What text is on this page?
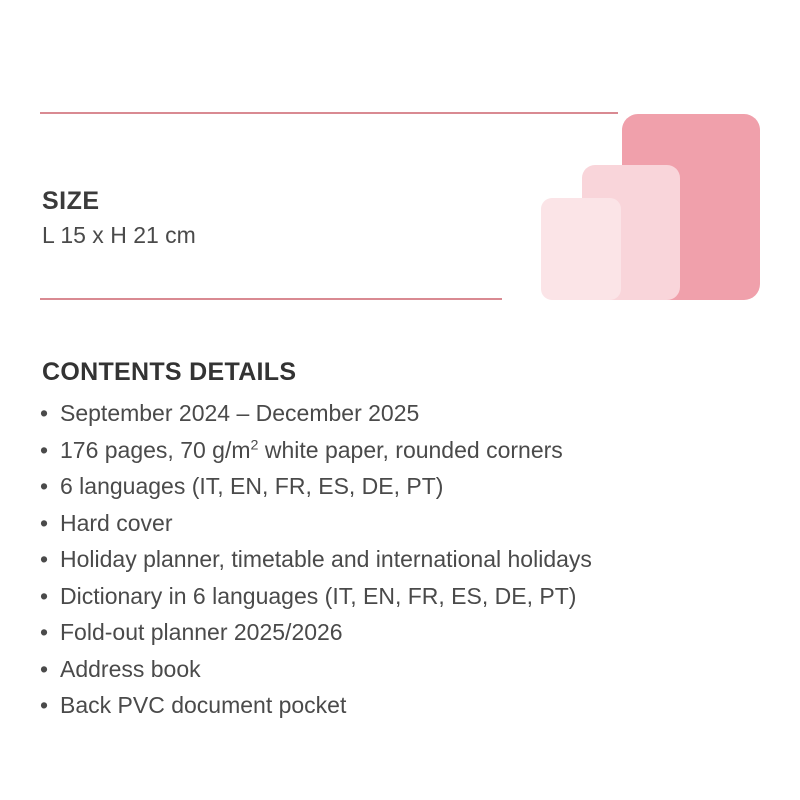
SIZE

L 15 x H 21 cm

CONTENTS DETAILS
• September 2024 – December 2025
• 176 pages, 70 $g/m^2$ white paper, rounded corners
• 6 languages (IT, EN, FR, ES, DE, PT)
• Hard cover
• Holiday planner, timetable and international holidays
• Dictionary in 6 languages (IT, EN, FR, ES, DE, PT)
• Fold-out planner 2025/2026
• Address book
• Back PVC document pocket
